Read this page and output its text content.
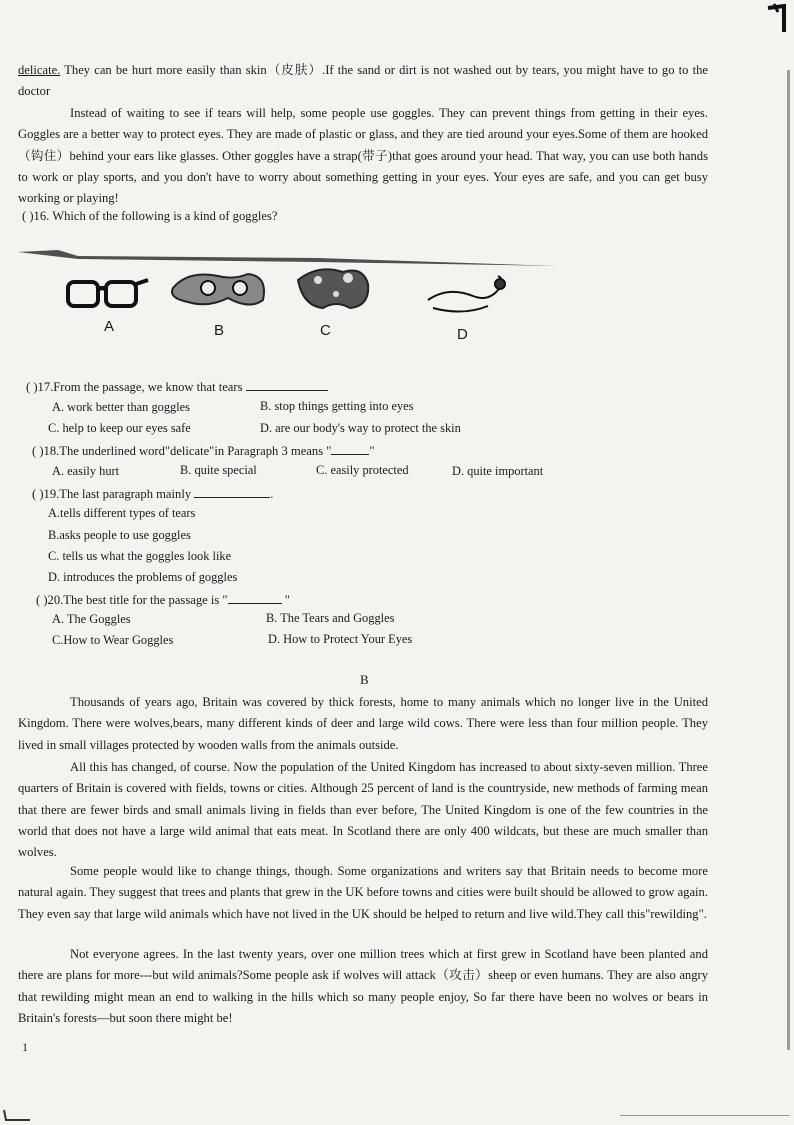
delicate. They can be hurt more easily than skin（皮肤）.If the sand or dirt is not washed out by tears, you might have to go to the doctor

Instead of waiting to see if tears will help, some people use goggles. They can prevent things from getting in their eyes. Goggles are a better way to protect eyes. They are made of plastic or glass, and they are tied around your eyes.Some of them are hooked（钩住）behind your ears like glasses. Other goggles have a strap(带子)that goes around your head. That way, you can use both hands to work or play sports, and you don't have to worry about something getting in your eyes. Your eyes are safe, and you can get busy working or playing!

( )16. Which of the following is a kind of goggles?

A	B	C	D

( )17.From the passage, we know that tears

A. work better than goggles	B. stop things getting into eyes

C. help to keep our eyes safe	D. are our body's way to protect the skin

( )18.The underlined word"delicate"in Paragraph 3 means "	"

A. easily hurt	B. quite special	C. easily protected	D. quite important

( )19.The last paragraph mainly	.

A.tells different types of tears

B.asks people to use goggles

C. tells us what the goggles look like

D. introduces the problems of goggles

( )20.The best title for the passage is "	"

A. The Goggles	B. The Tears and Goggles

C.How to Wear Goggles	D. How to Protect Your Eyes

B

Thousands of years ago, Britain was covered by thick forests, home to many animals which no longer live in the United Kingdom. There were wolves,bears, many different kinds of deer and large wild cows. There were less than four million people. They lived in small villages protected by wooden walls from the animals outside.

All this has changed, of course. Now the population of the United Kingdom has increased to about sixty-seven million. Three quarters of Britain is covered with fields, towns or cities. Although 25 percent of land is the countryside, new methods of farming mean that there are fewer birds and small animals living in fields than ever before, The United Kingdom is one of the few countries in the world that does not have a large wild animal that eats meat. In Scotland there are only 400 wildcats, but these are much smaller than wolves.

Some people would like to change things, though. Some organizations and writers say that Britain needs to become more natural again. They suggest that trees and plants that grew in the UK before towns and cities were built should be allowed to grow again. They even say that large wild animals which have not lived in the UK should be helped to return and live wild.They call this"rewilding".

Not everyone agrees. In the last twenty years, over one million trees which at first grew in Scotland have been planted and there are plans for more---but wild animals?Some people ask if wolves will attack（攻击）sheep or even humans. They are also angry that rewilding might mean an end to walking in the hills which so many people enjoy, So far there have been no wolves or bears in Britain's forests—but soon there might be!

1
